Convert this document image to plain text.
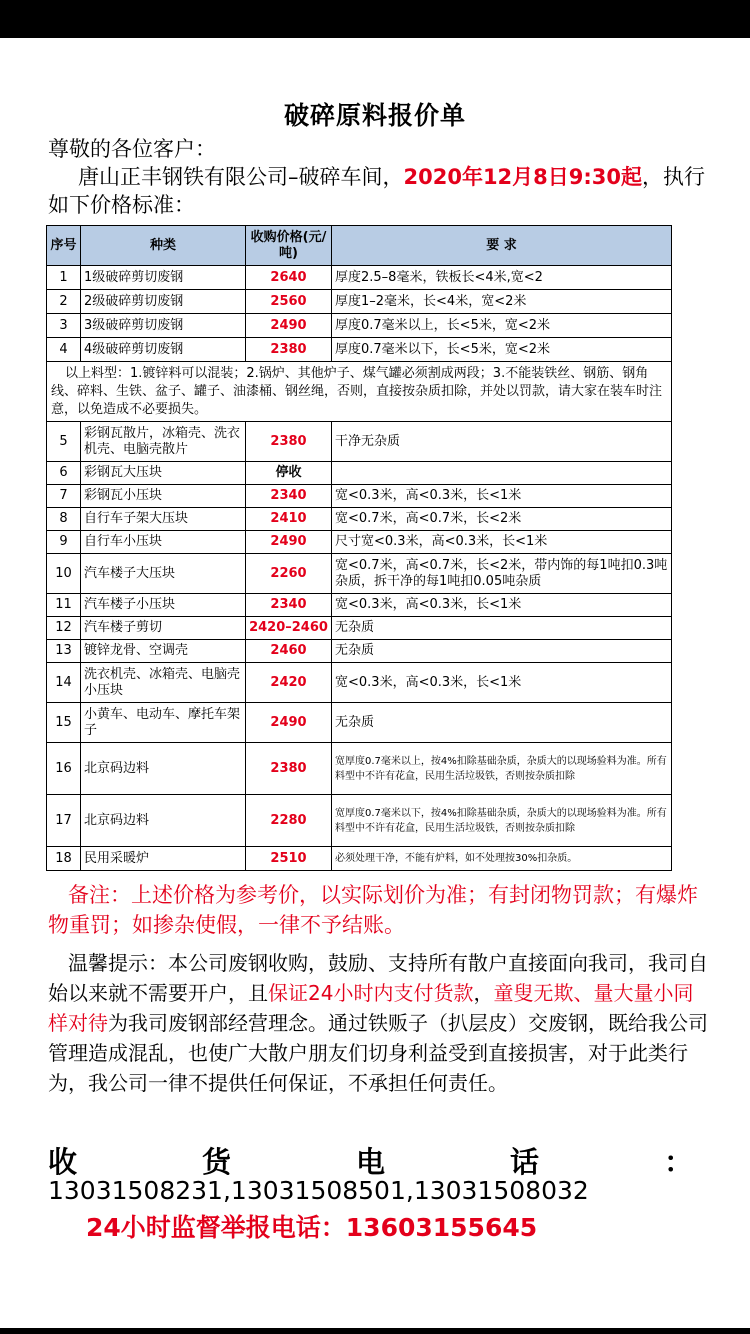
破碎原料报价单
尊敬的各位客户：
唐山正丰钢铁有限公司–破碎车间，2020年12月8日9:30起，执行如下价格标准：
序号	种类	收购价格(元/吨)	要 求
1	1级破碎剪切废钢	2640	厚度2.5–8毫米，铁板长<4米,宽<2
2	2级破碎剪切废钢	2560	厚度1–2毫米，长<4米，宽<2米
3	3级破碎剪切废钢	2490	厚度0.7毫米以上，长<5米，宽<2米
4	4级破碎剪切废钢	2380	厚度0.7毫米以下，长<5米，宽<2米
以上料型：1.镀锌料可以混装；2.锅炉、其他炉子、煤气罐必须割成两段；3.不能装铁丝、钢筋、钢角线、碎料、生铁、盆子、罐子、油漆桶、钢丝绳，否则，直接按杂质扣除，并处以罚款，请大家在装车时注意，以免造成不必要损失。			
5	彩钢瓦散片，冰箱壳、洗衣机壳、电脑壳散片	2380	干净无杂质
6	彩钢瓦大压块	停收	
7	彩钢瓦小压块	2340	宽<0.3米，高<0.3米，长<1米
8	自行车子架大压块	2410	宽<0.7米，高<0.7米，长<2米
9	自行车小压块	2490	尺寸宽<0.3米，高<0.3米，长<1米
10	汽车楼子大压块	2260	宽<0.7米，高<0.7米，长<2米，带内饰的每1吨扣0.3吨杂质，拆干净的每1吨扣0.05吨杂质
11	汽车楼子小压块	2340	宽<0.3米，高<0.3米，长<1米
12	汽车楼子剪切	2420–2460	无杂质
13	镀锌龙骨、空调壳	2460	无杂质
14	洗衣机壳、冰箱壳、电脑壳小压块	2420	宽<0.3米，高<0.3米，长<1米
15	小黄车、电动车、摩托车架子	2490	无杂质
16	北京码边料	2380	宽厚度0.7毫米以上，按4%扣除基础杂质，杂质大的以现场验料为准。所有料型中不许有花盒，民用生活垃圾铁，否则按杂质扣除
17	北京码边料	2280	宽厚度0.7毫米以下，按4%扣除基础杂质，杂质大的以现场验料为准。所有料型中不许有花盒，民用生活垃圾铁，否则按杂质扣除
18	民用采暖炉	2510	必须处理干净，不能有炉料，如不处理按30%扣杂质。
备注：上述价格为参考价，以实际划价为准；有封闭物罚款；有爆炸物重罚；如掺杂使假，一律不予结账。
温馨提示：本公司废钢收购，鼓励、支持所有散户直接面向我司，我司自始以来就不需要开户，且保证24小时内支付货款，童叟无欺、量大量小同样对待为我司废钢部经营理念。通过铁贩子（扒层皮）交废钢，既给我公司管理造成混乱，也使广大散户朋友们切身利益受到直接损害，对于此类行为，我公司一律不提供任何保证，不承担任何责任。
收	货	电	话	：
13031508231,13031508501,13031508032
24小时监督举报电话：13603155645
